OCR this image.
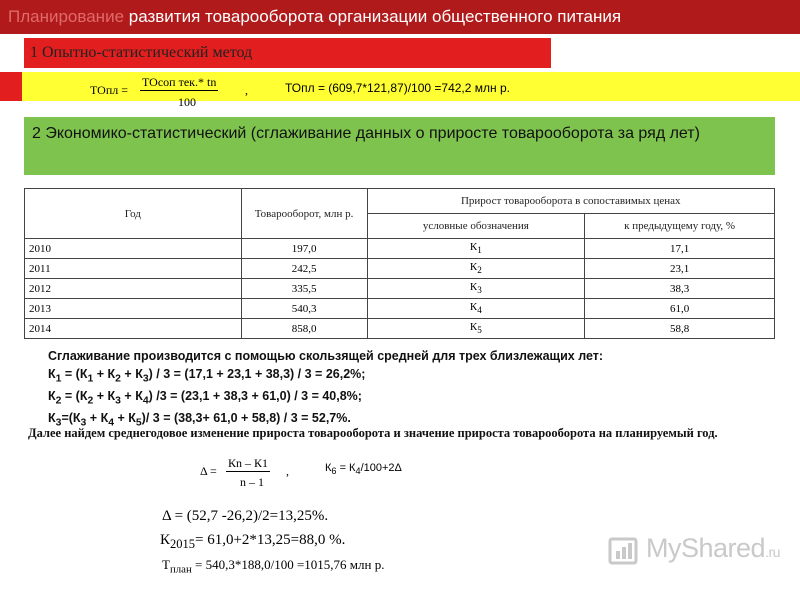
Планирование развития товарооборота организации общественного питания
1 Опытно-статистический метод
ТОпл =
ТОсоп тек.* tn
100
,	ТОпл = (609,7*121,87)/100 =742,2 млн р.
2 Экономико-статистический (сглаживание данных о приросте товарооборота за ряд лет)
Год	Товарооборот, млн р.	Прирост товарооборота в сопоставимых ценах	
		условные обозначения	к предыдущему году, %
2010	197,0	$К_1$	17,1
2011	242,5	$К_2$	23,1
2012	335,5	$К_3$	38,3
2013	540,3	$К_4$	61,0
2014	858,0	$К_5$	58,8
Сглаживание производится с помощью скользящей средней для трех близлежащих лет:
$К_1 = (К_1 + К_2 + К_3) / 3 = (17,1 + 23,1 + 38,3) / 3 = 26,2\%$;
$К_2 = (К_2 + К_3 + К_4) /3 = (23,1 + 38,3 + 61,0) / 3 = 40,8\%$;
$К_3=(К_3 + К_4 + К_5)/$ 3 = (38,3+ 61,0 + 58,8) / 3 = 52,7%.
Далее найдем среднегодовое изменение прироста товарооборота и значение прироста товарооборота на планируемый год.
Δ =
Кn – К1
n – 1
,	$К_6 = К_4/100+2\Delta$
Δ = (52,7 -26,2)/2=13,25%.
$К_{2015}= 61,0+2*13,25=88,0$ %.
$Т_{план} = 540,3*188,0/100 =1015,76$ млн р.
MyShared.ru
